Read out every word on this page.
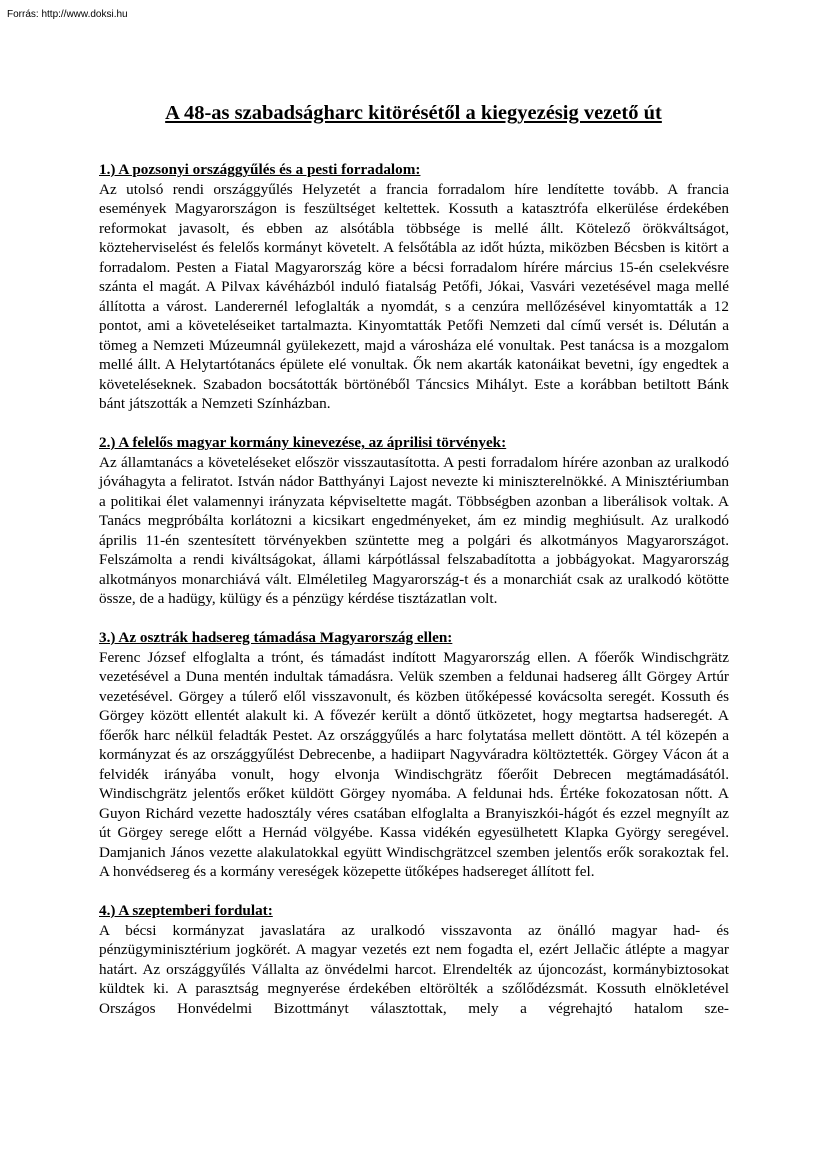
Forrás: http://www.doksi.hu
A 48-as szabadságharc kitörésétől a kiegyezésig vezető út
1.) A pozsonyi országgyűlés és a pesti forradalom:
Az utolsó rendi országgyűlés Helyzetét a francia forradalom híre lendítette tovább. A francia események Magyarországon is feszültséget keltettek. Kossuth a katasztrófa elkerülése érdekében reformokat javasolt, és ebben az alsótábla többsége is mellé állt. Kötelező örökváltságot, közteherviselést és felelős kormányt követelt. A felsőtábla az időt húzta, miközben Bécsben is kitört a forradalom. Pesten a Fiatal Magyarország köre a bécsi forradalom hírére március 15-én cselekvésre szánta el magát. A Pilvax kávéházból induló fiatalság Petőfi, Jókai, Vasvári vezetésével maga mellé állította a várost. Landerernél lefoglalták a nyomdát, s a cenzúra mellőzésével kinyomtatták a 12 pontot, ami a követeléseiket tartalmazta. Kinyomtatták Petőfi Nemzeti dal című versét is. Délután a tömeg a Nemzeti Múzeumnál gyülekezett, majd a városháza elé vonultak. Pest tanácsa is a mozgalom mellé állt. A Helytartótanács épülete elé vonultak. Ők nem akarták katonáikat bevetni, így engedtek a követeléseknek. Szabadon bocsátották börtönéből Táncsics Mihályt. Este a korábban betiltott Bánk bánt játszották a Nemzeti Színházban.
2.) A felelős magyar kormány kinevezése, az áprilisi törvények:
Az államtanács a követeléseket először visszautasította. A pesti forradalom hírére azonban az uralkodó jóváhagyta a feliratot. István nádor Batthyányi Lajost nevezte ki miniszterelnökké. A Minisztériumban a politikai élet valamennyi irányzata képviseltette magát. Többségben azonban a liberálisok voltak. A Tanács megpróbálta korlátozni a kicsikart engedményeket, ám ez mindig meghiúsult. Az uralkodó április 11-én szentesített törvényekben szüntette meg a polgári és alkotmányos Magyarországot. Felszámolta a rendi kiváltságokat, állami kárpótlással felszabadította a jobbágyokat. Magyarország alkotmányos monarchiává vált. Elméletileg Magyarország-t és a monarchiát csak az uralkodó kötötte össze, de a hadügy, külügy és a pénzügy kérdése tisztázatlan volt.
3.) Az osztrák hadsereg támadása Magyarország ellen:
Ferenc József elfoglalta a trónt, és támadást indított Magyarország ellen. A főerők Windischgrätz vezetésével a Duna mentén indultak támadásra. Velük szemben a feldunai hadsereg állt Görgey Artúr vezetésével. Görgey a túlerő elől visszavonult, és közben ütőképessé kovácsolta seregét. Kossuth és Görgey között ellentét alakult ki. A fővezér került a döntő ütközetet, hogy megtartsa hadseregét. A főerők harc nélkül feladták Pestet. Az országgyűlés a harc folytatása mellett döntött. A tél közepén a kormányzat és az országgyűlést Debrecenbe, a hadiipart Nagyváradra költöztették. Görgey Vácon át a felvidék irányába vonult, hogy elvonja Windischgrätz főerőit Debrecen megtámadásától. Windischgrätz jelentős erőket küldött Görgey nyomába. A feldunai hds. Értéke fokozatosan nőtt. A Guyon Richárd vezette hadosztály véres csatában elfoglalta a Branyiszkói-hágót és ezzel megnyílt az út Görgey serege előtt a Hernád völgyébe. Kassa vidékén egyesülhetett Klapka György seregével. Damjanich János vezette alakulatokkal együtt Windischgrätzcel szemben jelentős erők sorakoztak fel. A honvédsereg és a kormány vereségek közepette ütőképes hadsereget állított fel.
4.) A szeptemberi fordulat:
A bécsi kormányzat javaslatára az uralkodó visszavonta az önálló magyar had- és pénzügyminisztérium jogkörét. A magyar vezetés ezt nem fogadta el, ezért Jellačic átlépte a magyar határt. Az országgyűlés Vállalta az önvédelmi harcot. Elrendelték az újoncozást, kormánybiztosokat küldtek ki. A parasztság megnyerése érdekében eltörölték a szőlődézsmát. Kossuth elnökletével Országos Honvédelmi Bizottmányt választottak, mely a végrehajtó hatalom sze-
